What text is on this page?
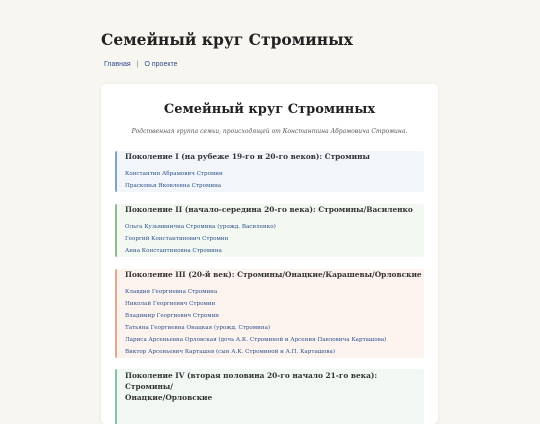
Семейный круг Строминых
Главная | О проекте
Семейный круг Строминых

Родственная группа семьи, происходящей от Константина Абрамовича Стромина.

Поколение I (на рубеже 19-го и 20-го веков): Стромины
Константин Абрамович Стромин
Прасковья Яковлевна Стромина
Поколение II (начало-середина 20-го века): Стромины/Василенко
Ольга Кузьминична Стромина (урожд. Василенко)
Георгий Константинович Стромин
Анна Константиновна Стромина
Поколение III (20-й век): Стромины/Онацкие/Карашевы/Орловские
Клавдия Георгиевна Стромина
Николай Георгиевич Стромин
Владимир Георгиевич Стромин
Татьяна Георгиевна Онацкая (урожд. Стромина)
Лариса Арсеньевна Орловская (дочь А.К. Строминой и Арсения Павловича Карташова)
Виктор Арсеньевич Карташев (сын А.К. Строминой и А.П. Карташова)
Поколение IV (вторая половина 20-го начало 21-го века): Стромины/
Онацкие/Орловские
